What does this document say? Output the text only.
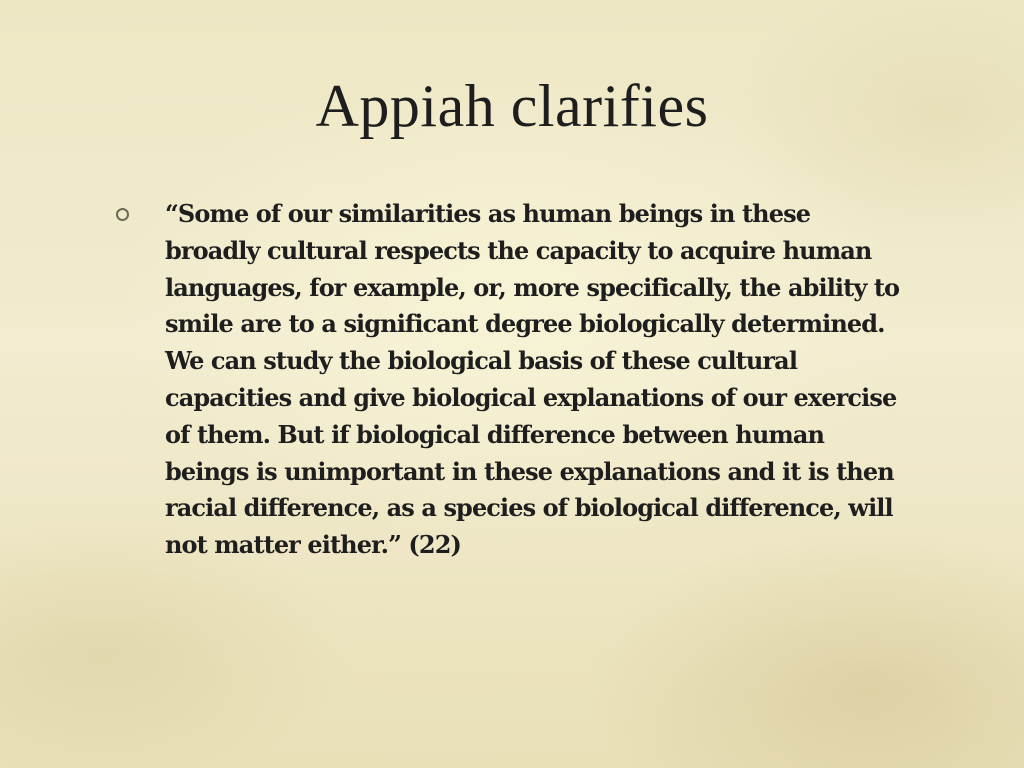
Appiah clarifies

“Some of our similarities as human beings in these broadly cultural respects the capacity to acquire human languages, for example, or, more specifically, the ability to smile are to a significant degree biologically determined. We can study the biological basis of these cultural capacities and give biological explanations of our exercise of them. But if biological difference between human beings is unimportant in these explanations and it is then racial difference, as a species of biological difference, will not matter either.” (22)
